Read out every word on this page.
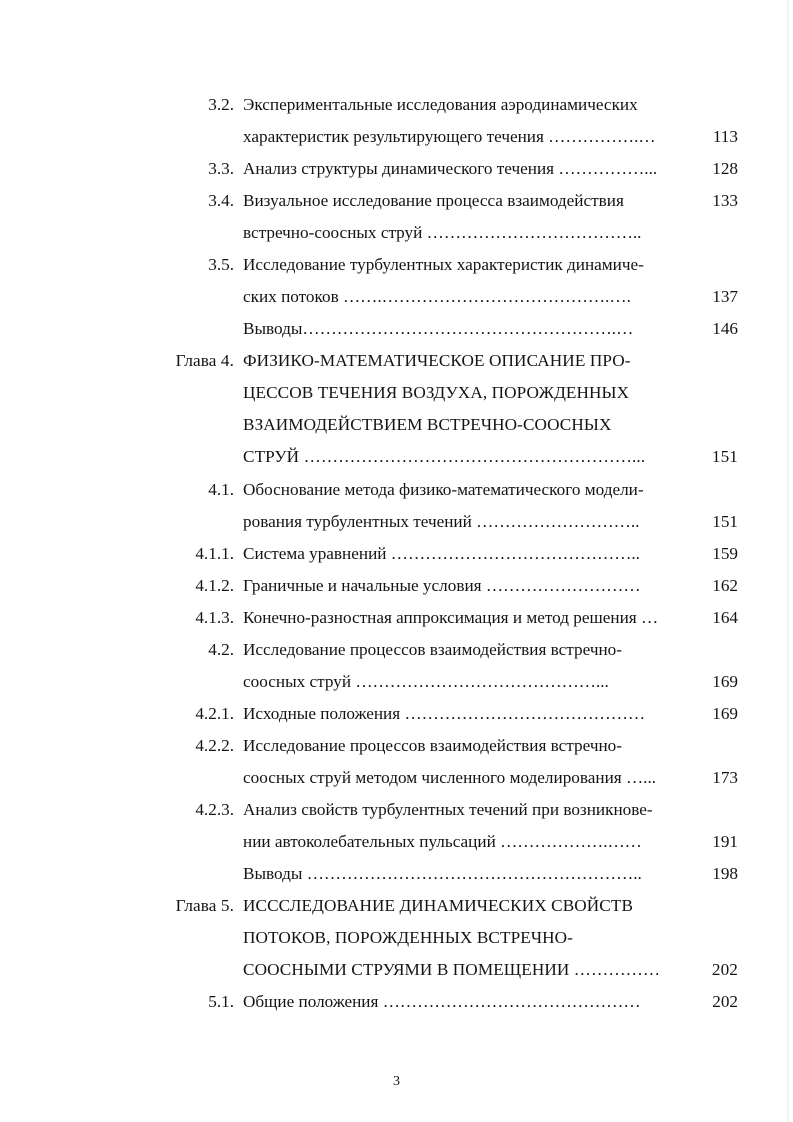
3.2. Экспериментальные исследования аэродинамических
характеристик результирующего течения …………….…	113
3.3. Анализ структуры динамического течения ……………...	128
3.4. Визуальное исследование процесса взаимодействия	133
встречно-соосных струй ………………………………..
3.5. Исследование турбулентных характеристик динамиче-
ских потоков …….………………………………….….	137
Выводы……………………………………………….…	146
Глава 4. ФИЗИКО-МАТЕМАТИЧЕСКОЕ ОПИСАНИЕ ПРО-
ЦЕССОВ ТЕЧЕНИЯ ВОЗДУХА, ПОРОЖДЕННЫХ
ВЗАИМОДЕЙСТВИЕМ ВСТРЕЧНО-СООСНЫХ
СТРУЙ …………………………………………………...	151
4.1. Обоснование метода физико-математического модели-
рования турбулентных течений ………………………..	151
4.1.1. Система уравнений ……………………………………..	159
4.1.2. Граничные и начальные условия ………………………	162
4.1.3. Конечно-разностная аппроксимация и метод решения …	164
4.2. Исследование процессов взаимодействия встречно-
соосных струй ……………………………………...	169
4.2.1. Исходные положения ……………………………………	169
4.2.2. Исследование процессов взаимодействия встречно-
соосных струй методом численного моделирования …...	173
4.2.3. Анализ свойств турбулентных течений при возникнове-
нии автоколебательных пульсаций ……………….……	191
Выводы …………………………………………………..	198
Глава 5. ИСССЛЕДОВАНИЕ ДИНАМИЧЕСКИХ СВОЙСТВ
ПОТОКОВ, ПОРОЖДЕННЫХ ВСТРЕЧНО-
СООСНЫМИ СТРУЯМИ В ПОМЕЩЕНИИ ……………	202
5.1. Общие положения ………………………………………	202
3
